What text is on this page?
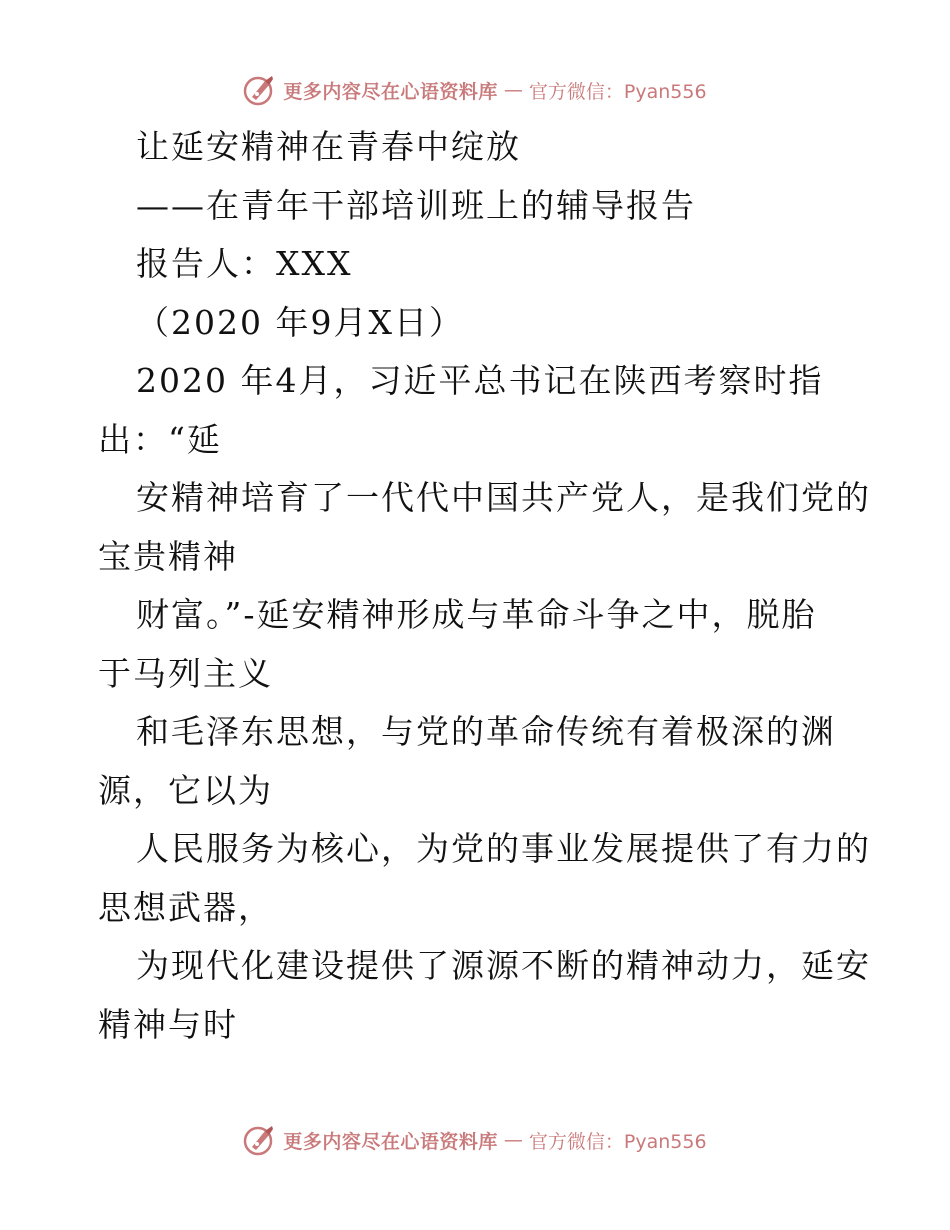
更多内容尽在心语资料库 — 官方微信：Pyan556
让延安精神在青春中绽放
——在青年干部培训班上的辅导报告
报告人：XXX
（2020 年9月X日）
2020 年4月，习近平总书记在陕西考察时指
出：“延
安精神培育了一代代中国共产党人，是我们党的
宝贵精神
财富。”-延安精神形成与革命斗争之中，脱胎
于马列主义
和毛泽东思想，与党的革命传统有着极深的渊
源，它以为
人民服务为核心，为党的事业发展提供了有力的
思想武器，
为现代化建设提供了源源不断的精神动力，延安
精神与时
更多内容尽在心语资料库 — 官方微信：Pyan556
